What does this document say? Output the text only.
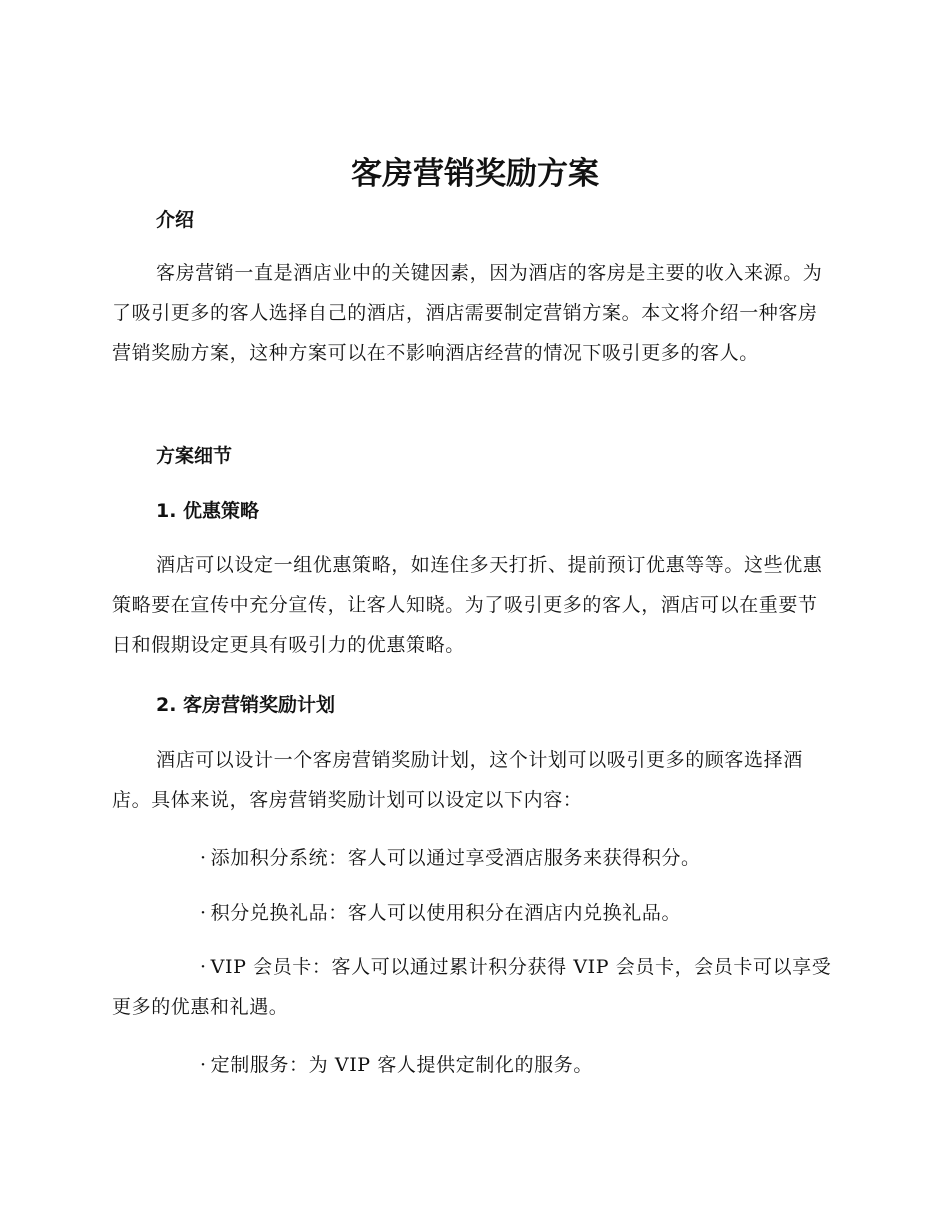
客房营销奖励方案
介绍

客房营销一直是酒店业中的关键因素，因为酒店的客房是主要的收入来源。为了吸引更多的客人选择自己的酒店，酒店需要制定营销方案。本文将介绍一种客房营销奖励方案，这种方案可以在不影响酒店经营的情况下吸引更多的客人。

方案细节
1. 优惠策略

酒店可以设定一组优惠策略，如连住多天打折、提前预订优惠等等。这些优惠策略要在宣传中充分宣传，让客人知晓。为了吸引更多的客人，酒店可以在重要节日和假期设定更具有吸引力的优惠策略。

2. 客房营销奖励计划

酒店可以设计一个客房营销奖励计划，这个计划可以吸引更多的顾客选择酒店。具体来说，客房营销奖励计划可以设定以下内容：

· 添加积分系统：客人可以通过享受酒店服务来获得积分。

· 积分兑换礼品：客人可以使用积分在酒店内兑换礼品。

· VIP 会员卡：客人可以通过累计积分获得 VIP 会员卡，会员卡可以享受更多的优惠和礼遇。

· 定制服务：为 VIP 客人提供定制化的服务。
